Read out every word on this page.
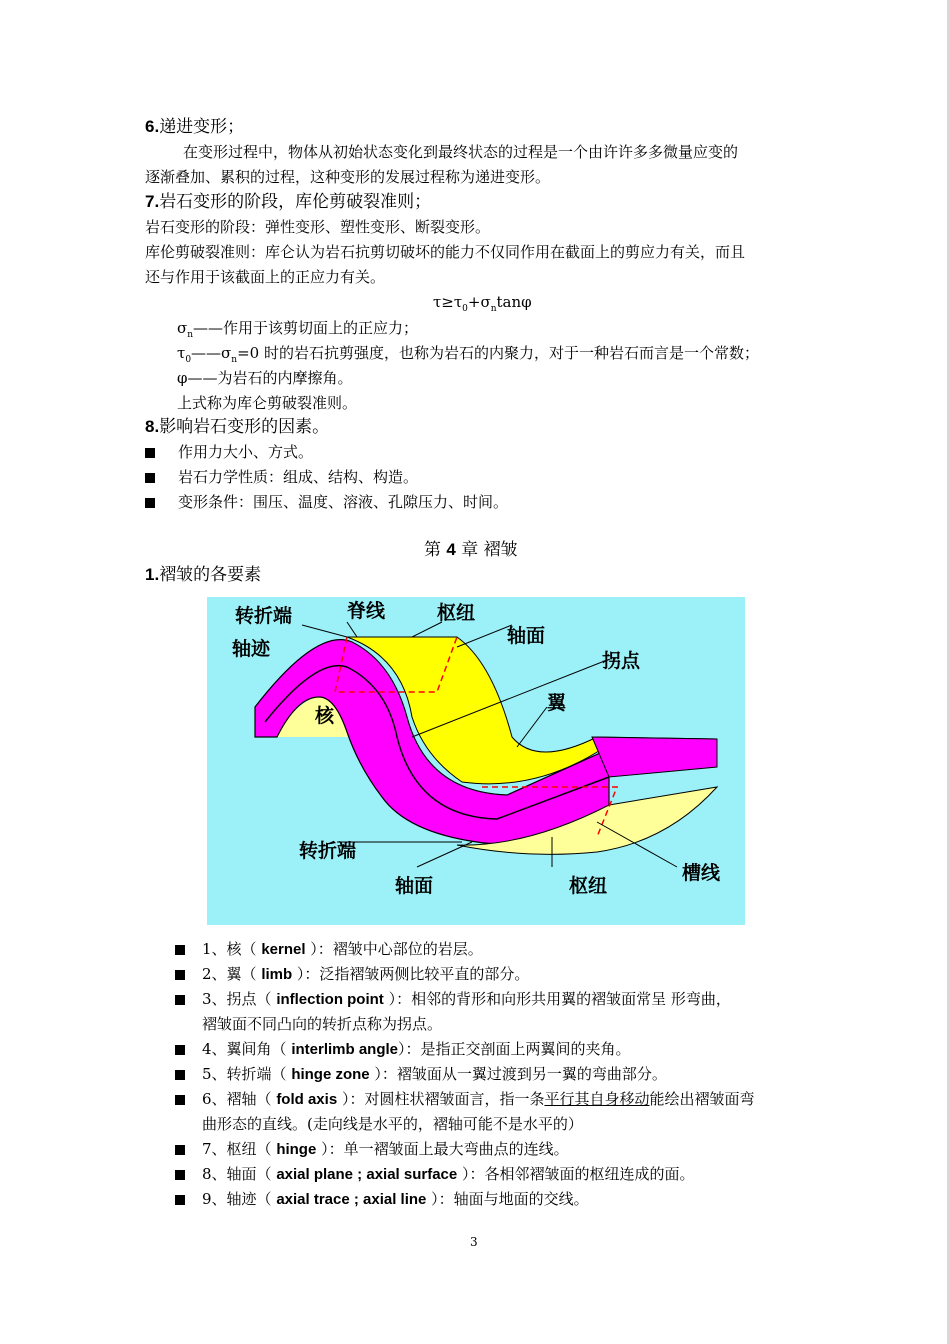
6.递进变形；
在变形过程中，物体从初始状态变化到最终状态的过程是一个由许许多多微量应变的
逐渐叠加、累积的过程，这种变形的发展过程称为递进变形。
7.岩石变形的阶段，库伦剪破裂准则；
岩石变形的阶段：弹性变形、塑性变形、断裂变形。
库伦剪破裂准则：库仑认为岩石抗剪切破坏的能力不仅同作用在截面上的剪应力有关，而且
还与作用于该截面上的正应力有关。
$\tau\ge\tau_0+\sigma_n\tan\varphi$
$\sigma_n——$作用于该剪切面上的正应力；
$\tau_0——\sigma_n=0$ 时的岩石抗剪强度，也称为岩石的内聚力，对于一种岩石而言是一个常数；
φ——为岩石的内摩擦角。
上式称为库仑剪破裂准则。
8.影响岩石变形的因素。
作用力大小、方式。
岩石力学性质：组成、结构、构造。
变形条件：围压、温度、溶液、孔隙压力、时间。
第 4 章 褶皱
1.褶皱的各要素
转折端	脊线	枢纽
轴迹
轴面
拐点
核
翼
转折端
槽线
轴面	枢纽
1、核（ kernel ）：褶皱中心部位的岩层。
2、翼（ limb ）：泛指褶皱两侧比较平直的部分。
3、拐点（ inflection point ）：相邻的背形和向形共用翼的褶皱面常呈 形弯曲，
褶皱面不同凸向的转折点称为拐点。
4、翼间角（ interlimb angle）：是指正交剖面上两翼间的夹角。
5、转折端（ hinge zone ）：褶皱面从一翼过渡到另一翼的弯曲部分。
6、褶轴（ fold axis ）：对圆柱状褶皱面言，指一条平行其自身移动能绘出褶皱面弯
曲形态的直线。(走向线是水平的，褶轴可能不是水平的）
7、枢纽（ hinge ）：单一褶皱面上最大弯曲点的连线。
8、轴面（ axial plane ; axial surface ）：各相邻褶皱面的枢纽连成的面。
9、轴迹（ axial trace ; axial line ）：轴面与地面的交线。
3
